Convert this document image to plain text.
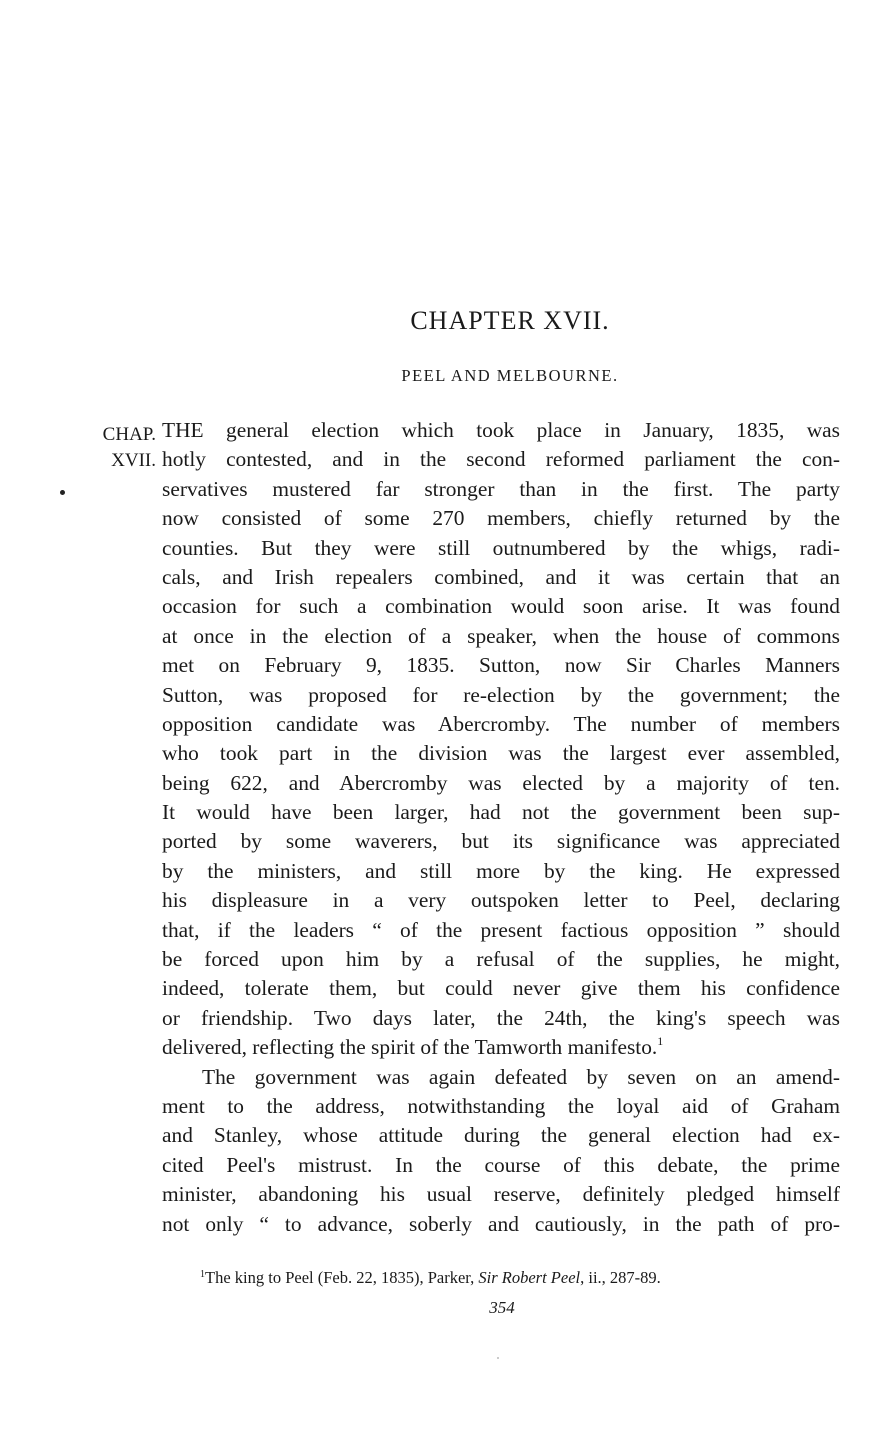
CHAPTER XVII.
PEEL AND MELBOURNE.
CHAP.
XVII.
THE general election which took place in January, 1835, was
hotly contested, and in the second reformed parliament the con-
servatives mustered far stronger than in the first. The party
now consisted of some 270 members, chiefly returned by the
counties. But they were still outnumbered by the whigs, radi-
cals, and Irish repealers combined, and it was certain that an
occasion for such a combination would soon arise. It was found
at once in the election of a speaker, when the house of commons
met on February 9, 1835. Sutton, now Sir Charles Manners
Sutton, was proposed for re-election by the government; the
opposition candidate was Abercromby. The number of members
who took part in the division was the largest ever assembled,
being 622, and Abercromby was elected by a majority of ten.
It would have been larger, had not the government been sup-
ported by some waverers, but its significance was appreciated
by the ministers, and still more by the king. He expressed
his displeasure in a very outspoken letter to Peel, declaring
that, if the leaders “ of the present factious opposition ” should
be forced upon him by a refusal of the supplies, he might,
indeed, tolerate them, but could never give them his confidence
or friendship. Two days later, the 24th, the king's speech was
delivered, reflecting the spirit of the Tamworth manifesto.$^1$
The government was again defeated by seven on an amend-
ment to the address, notwithstanding the loyal aid of Graham
and Stanley, whose attitude during the general election had ex-
cited Peel's mistrust. In the course of this debate, the prime
minister, abandoning his usual reserve, definitely pledged himself
not only “ to advance, soberly and cautiously, in the path of pro-
$^1$The king to Peel (Feb. 22, 1835), Parker, Sir Robert Peel, ii., 287-89.
354
